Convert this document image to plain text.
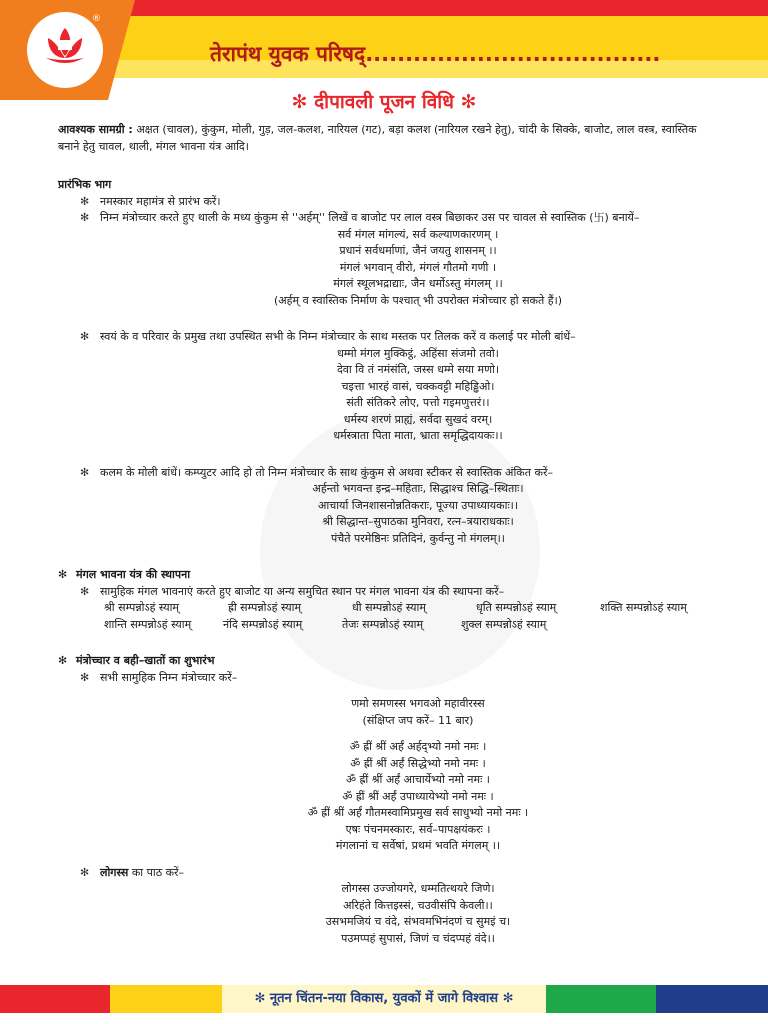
®
तेरापंथ युवक परिषद्.....................................
✻ दीपावली पूजन विधि ✻

आवश्यक सामग्री : अक्षत (चावल), कुंकुम, मोली, गुड़, जल-कलश, नारियल (गट), बड़ा कलश (नारियल रखने हेतु), चांदी के सिक्के, बाजोट, लाल वस्त्र, स्वास्तिक बनाने हेतु चावल, थाली, मंगल भावना यंत्र आदि।

प्रारंभिक भाग
✻ नमस्कार महामंत्र से प्रारंभ करें।
✻ निम्न मंत्रोच्चार करते हुए थाली के मध्य कुंकुम से ''अर्हम्'' लिखें व बाजोट पर लाल वस्त्र बिछाकर उस पर चावल से स्वास्तिक (卐) बनायें–
सर्व मंगल मांगल्यं, सर्व कल्याणकारणम् ।
प्रधानं सर्वधर्माणां, जैनं जयतु शासनम् ।।
मंगलं भगवान् वीरो, मंगलं गौतमो गणी ।
मंगलं स्थूलभद्राद्याः, जैन धर्मोऽस्तु मंगलम् ।।
(अर्हम् व स्वास्तिक निर्माण के पश्चात् भी उपरोक्त मंत्रोच्चार हो सकते हैं।)
✻ स्वयं के व परिवार के प्रमुख तथा उपस्थित सभी के निम्न मंत्रोच्चार के साथ मस्तक पर तिलक करें व कलाई पर मोली बांधें–
धम्मो मंगल मुक्किट्ठं, अहिंसा संजमो तवो।
देवा वि तं नमंसंति, जस्स धम्मे सया मणो।
चइत्ता भारहं वासं, चक्कवट्टी महिड्ढिओ।
संती संतिकरे लोए, पत्तो गइमणुत्तरं।।
धर्मस्य शरणं प्राह्यं, सर्वदा सुखदं वरम्।
धर्मस्त्राता पिता माता, भ्राता समृद्धिदायकः।।
✻ कलम के मोली बांधें। कम्प्युटर आदि हो तो निम्न मंत्रोच्चार के साथ कुंकुम से अथवा स्टीकर से स्वास्तिक अंकित करें–
अर्हन्तो भगवन्त इन्द्र–महिताः, सिद्धाश्च सिद्धि–स्थिताः।
आचार्या जिनशासनोन्नतिकराः, पूज्या उपाध्यायकाः।।
श्री सिद्धान्त–सुपाठका मुनिवरा, रत्न–त्रयाराधकाः।
पंचैते परमेष्ठिनः प्रतिदिनं, कुर्वन्तु नो मंगलम्।।
✻ मंगल भावना यंत्र की स्थापना
✻ सामुहिक मंगल भावनाएं करते हुए बाजोट या अन्य समुचित स्थान पर मंगल भावना यंत्र की स्थापना करें–
श्री सम्पन्नोऽहं स्याम्	ह्री सम्पन्नोऽहं स्याम्	धी सम्पन्नोऽहं स्याम्	धृति सम्पन्नोऽहं स्याम्	शक्ति सम्पन्नोऽहं स्याम्
शान्ति सम्पन्नोऽहं स्याम्	नंदि सम्पन्नोऽहं स्याम्	तेजः सम्पन्नोऽहं स्याम्	शुक्ल सम्पन्नोऽहं स्याम्
✻ मंत्रोच्चार व बही–खातों का शुभारंभ
✻ सभी सामुहिक निम्न मंत्रोच्चार करें–
णमो समणस्स भगवओ महावीरस्स
(संक्षिप्त जप करें– 11 बार)
ॐ ह्रीं श्रीं अर्हं अर्हद्भ्यो नमो नमः ।
ॐ ह्रीं श्रीं अर्हं सिद्धेभ्यो नमो नमः ।
ॐ ह्रीं श्रीं अर्हं आचार्येभ्यो नमो नमः ।
ॐ ह्रीं श्रीं अर्हं उपाध्यायेभ्यो नमो नमः ।
ॐ ह्रीं श्रीं अर्हं गौतमस्वामिप्रमुख सर्व साधुभ्यो नमो नमः ।
एषः पंचनमस्कारः, सर्व–पापक्षयंकरः ।
मंगलानां च सर्वेषां, प्रथमं भवति मंगलम् ।।
✻ लोगस्स का पाठ करें–
लोगस्स उज्जोयगरे, धम्मतित्थयरे जिणे।
अरिहंते कित्तइस्सं, चउवीसंपि केवली।।
उसभमजियं च वंदे, संभवमभिनंदणं च सुमइं च।
पउमप्पहं सुपासं, जिणं च चंदप्पहं वंदे।।
✻ नूतन चिंतन-नया विकास, युवकों में जागे विश्वास ✻
